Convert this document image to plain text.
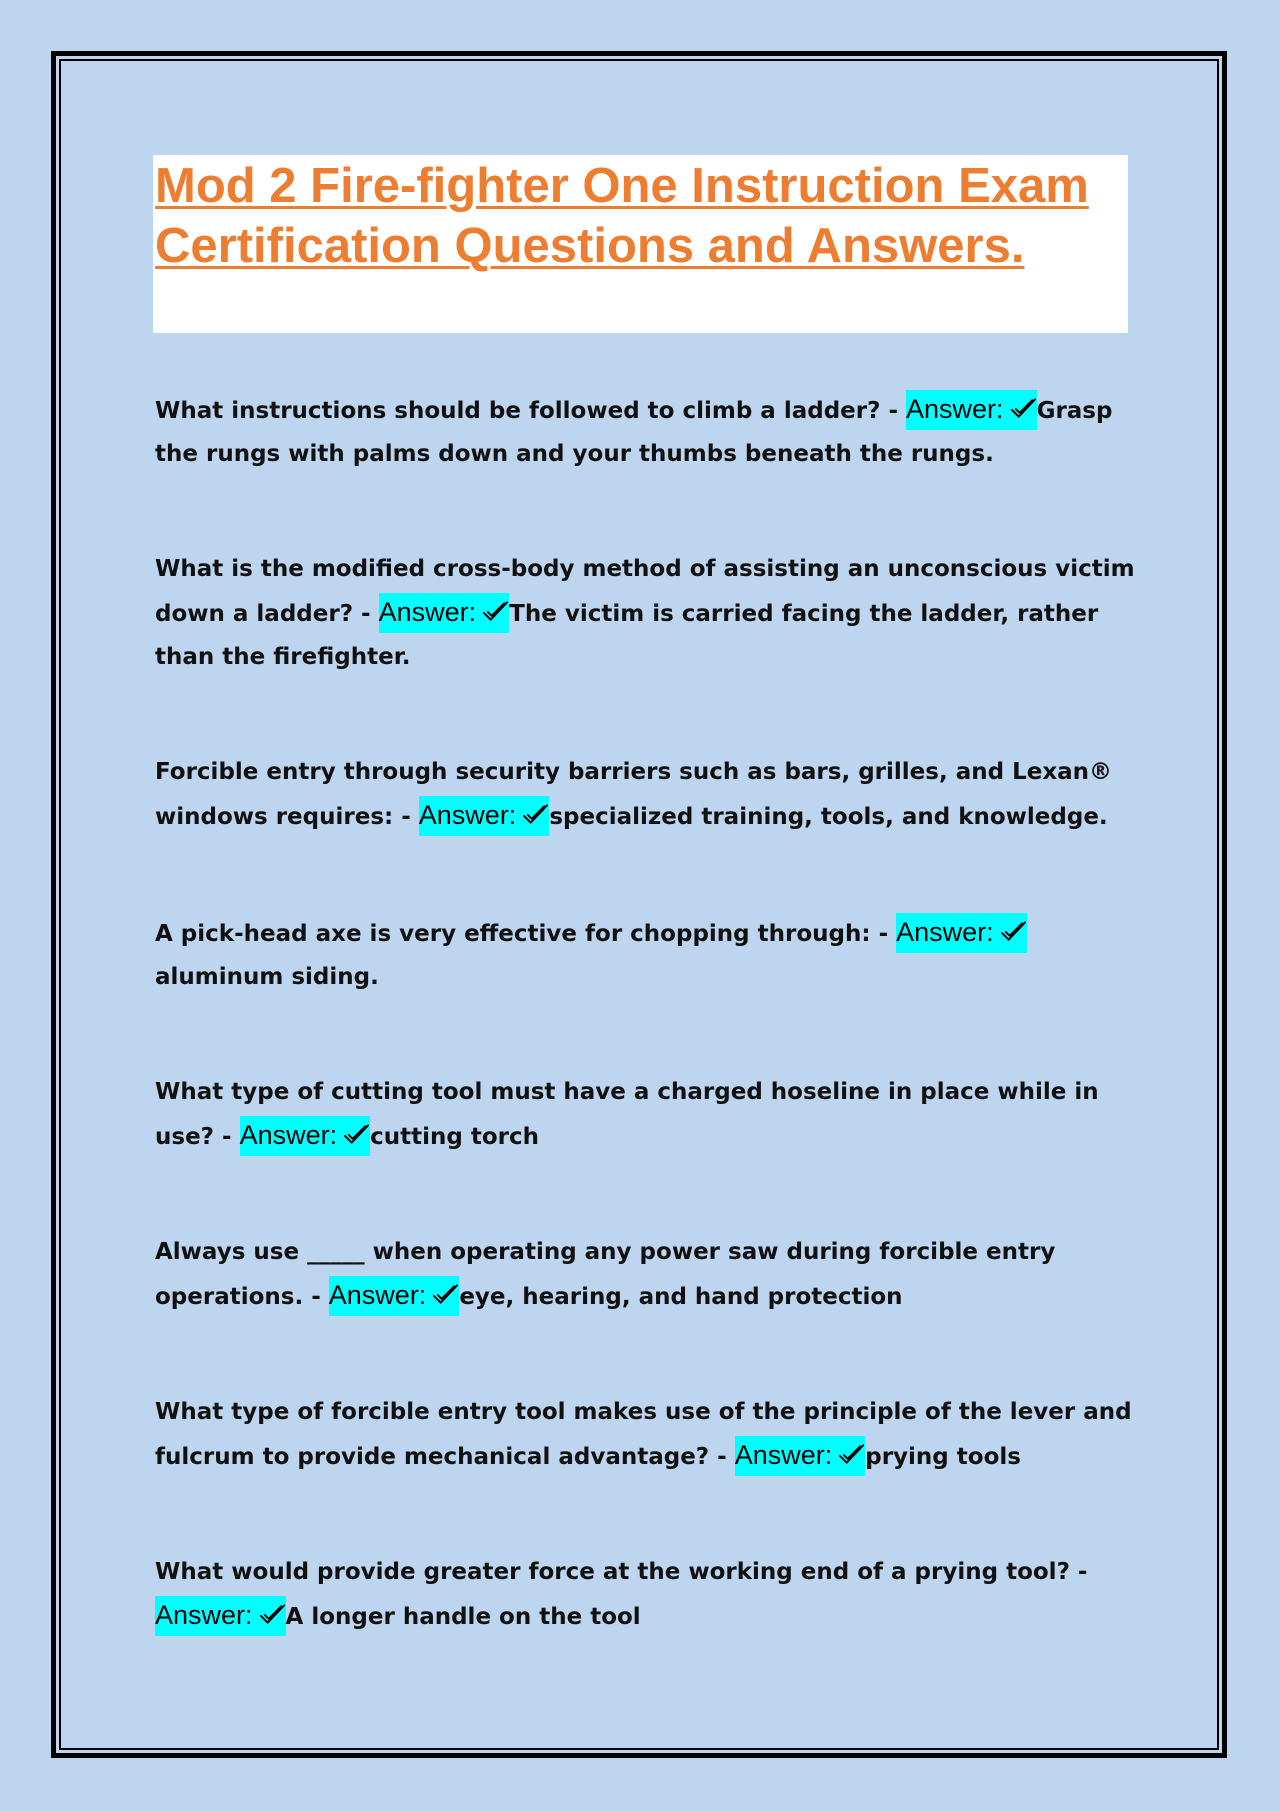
Mod 2 Fire-fighter One Instruction Exam Certification Questions and Answers.

What instructions should be followed to climb a ladder? - Answer: Grasp the rungs with palms down and your thumbs beneath the rungs.

What is the modified cross-body method of assisting an unconscious victim down a ladder? - Answer: The victim is carried facing the ladder, rather than the firefighter.

Forcible entry through security barriers such as bars, grilles, and Lexan® windows requires: - Answer: specialized training, tools, and knowledge.

A pick-head axe is very effective for chopping through: - Answer:aluminum siding.

What type of cutting tool must have a charged hoseline in place while in use? - Answer: cutting torch

Always use _____ when operating any power saw during forcible entry operations. - Answer: eye, hearing, and hand protection

What type of forcible entry tool makes use of the principle of the lever and fulcrum to provide mechanical advantage? - Answer: prying tools

What would provide greater force at the working end of a prying tool? - Answer: A longer handle on the tool
